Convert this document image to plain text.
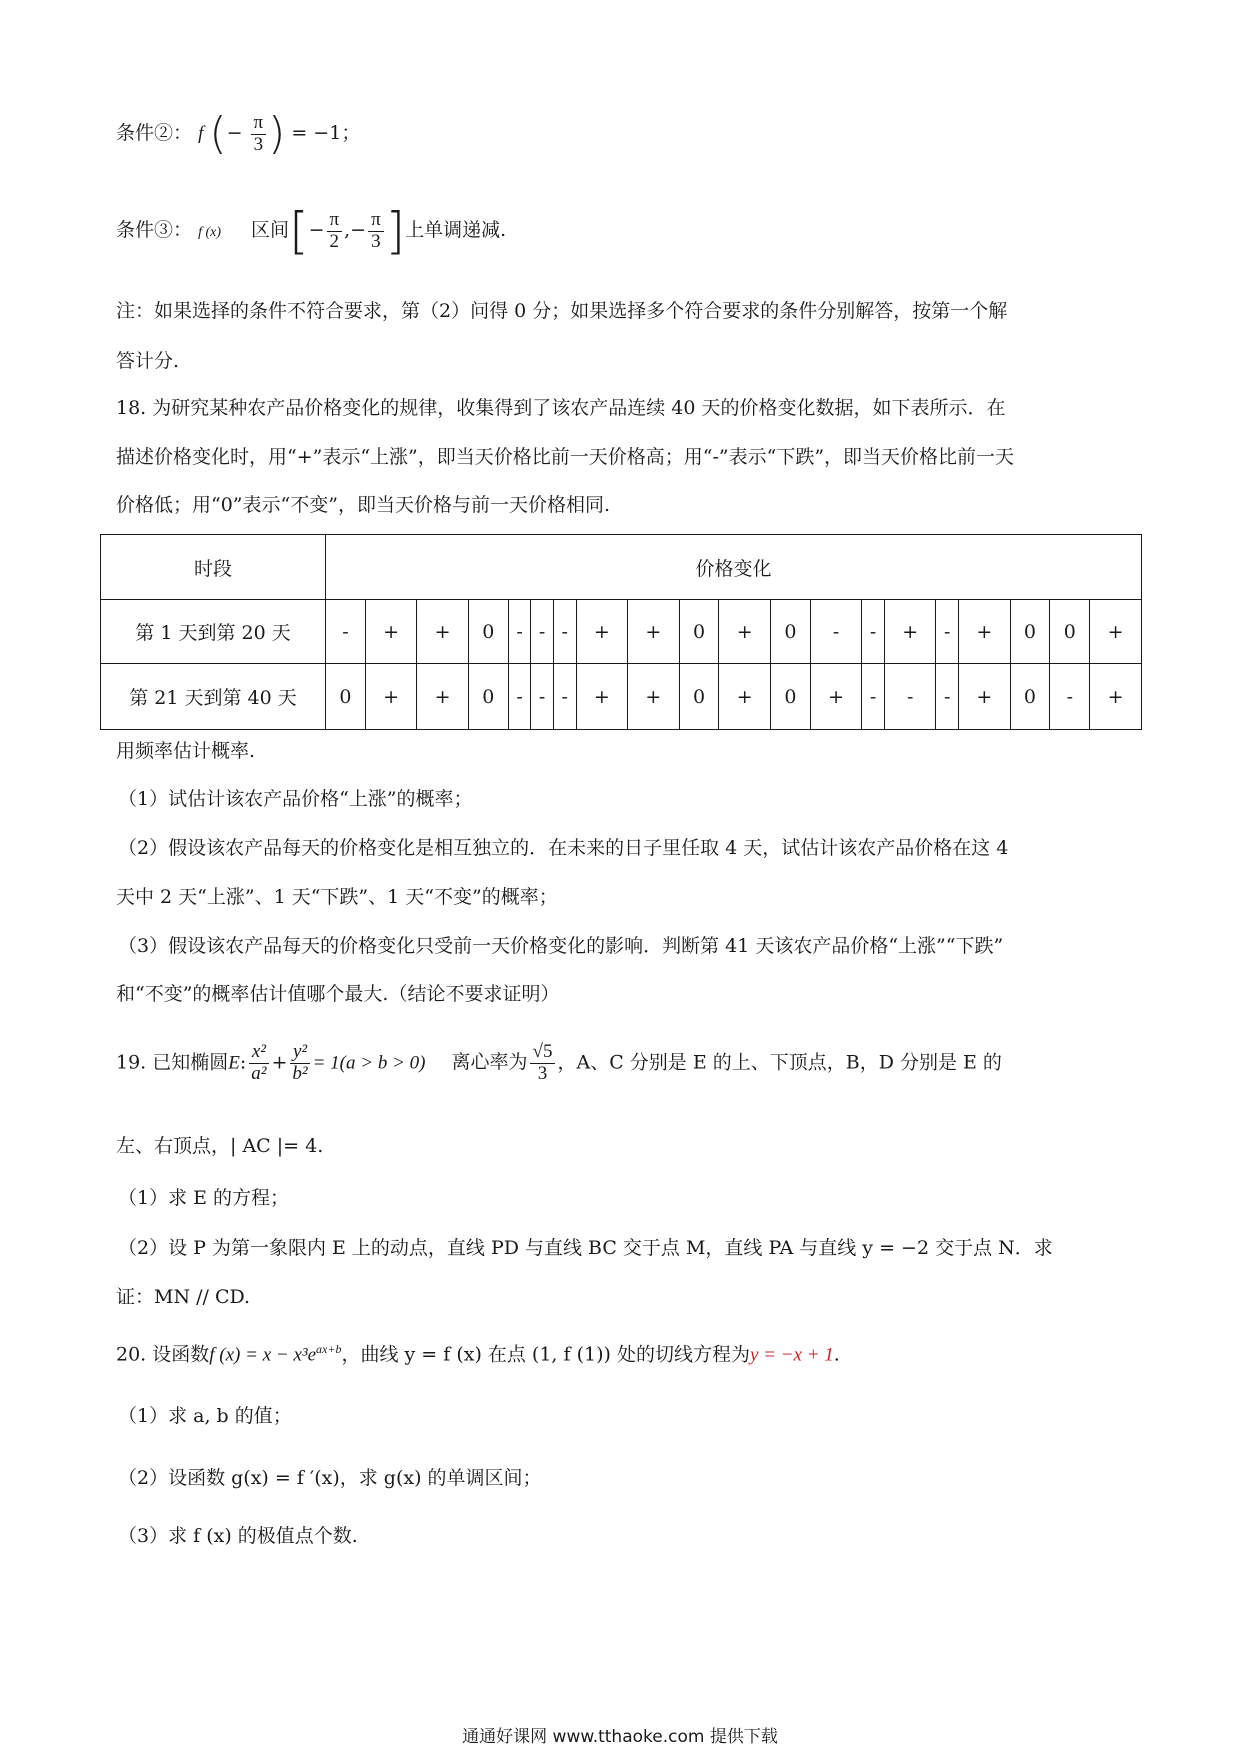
条件②： f (− $\frac{\pi}{3}$ ) = −1；
条件③： f (x) 区间[− $\frac{\pi}{2}$ ,− $\frac{\pi}{3}$ ]上单调递减.
注：如果选择的条件不符合要求，第（2）问得 0 分；如果选择多个符合要求的条件分别解答，按第一个解
答计分.
18. 为研究某种农产品价格变化的规律，收集得到了该农产品连续 40 天的价格变化数据，如下表所示．在
描述价格变化时，用“+”表示“上涨”，即当天价格比前一天价格高；用“-”表示“下跌”，即当天价格比前一天
价格低；用“0”表示“不变”，即当天价格与前一天价格相同.
时段	价格变化																			
第 1 天到第 20 天	-	+	+	0	-	-	-	+	+	0	+	0	-	-	+	-	+	0	0	+
第 21 天到第 40 天	0	+	+	0	-	-	-	+	+	0	+	0	+	-	-	-	+	0	-	+
用频率估计概率.
（1）试估计该农产品价格“上涨”的概率；
（2）假设该农产品每天的价格变化是相互独立的．在未来的日子里任取 4 天，试估计该农产品价格在这 4
天中 2 天“上涨”、1 天“下跌”、1 天“不变”的概率；
（3）假设该农产品每天的价格变化只受前一天价格变化的影响．判断第 41 天该农产品价格“上涨”“下跌”
和“不变”的概率估计值哪个最大.（结论不要求证明）
19. 已知椭圆E: $\frac{\text{x²}}{\text{a²}} + \frac{\text{y²}}{\text{b²}} = 1(a > b > 0)$ 离心率为 $\frac{√5}{3}$ ，A、C 分别是 E 的上、下顶点，B，D 分别是 E 的
左、右顶点，| AC |= 4.
（1）求 E 的方程；
（2）设 P 为第一象限内 E 上的动点，直线 PD 与直线 BC 交于点 M，直线 PA 与直线 y = −2 交于点 N．求
证：MN // CD.
20. 设函数f $(x) = x - x^3e^{ax+b}$，曲线 y = f (x) 在点 (1, f (1)) 处的切线方程为y = −x + 1.
（1）求 a, b 的值；
（2）设函数 g(x) = f ′(x)，求 g(x) 的单调区间；
（3）求 f (x) 的极值点个数.
通通好课网 www.tthaoke.com 提供下载
